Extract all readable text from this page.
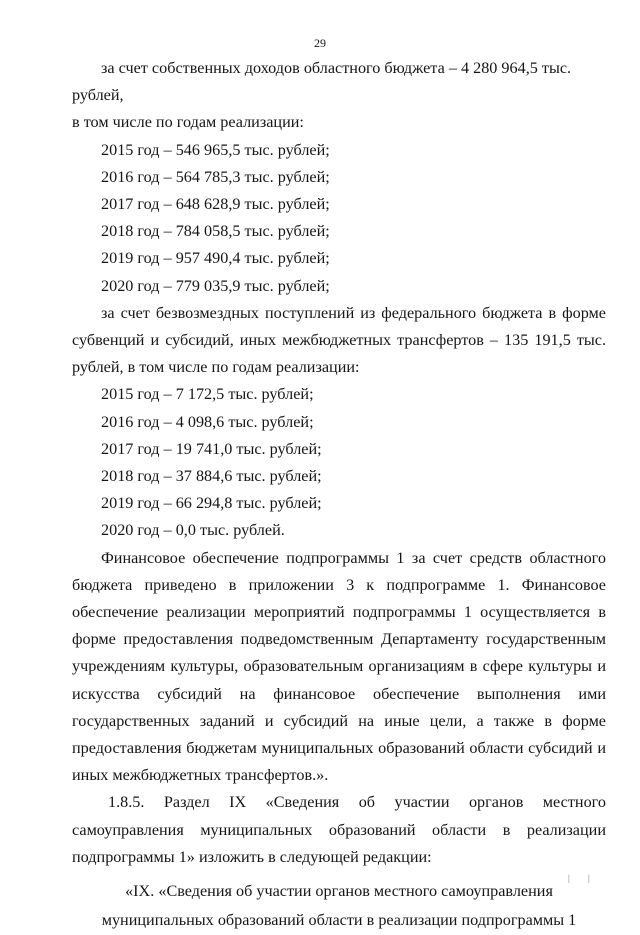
29

за счет собственных доходов областного бюджета – 4 280 964,5 тыс. рублей,

в том числе по годам реализации:

2015 год – 546 965,5 тыс. рублей;

2016 год – 564 785,3 тыс. рублей;

2017 год – 648 628,9 тыс. рублей;

2018 год – 784 058,5 тыс. рублей;

2019 год – 957 490,4 тыс. рублей;

2020 год – 779 035,9 тыс. рублей;

за счет безвозмездных поступлений из федерального бюджета в форме субвенций и субсидий, иных межбюджетных трансфертов – 135 191,5 тыс. рублей, в том числе по годам реализации:

2015 год – 7 172,5 тыс. рублей;

2016 год – 4 098,6 тыс. рублей;

2017 год – 19 741,0 тыс. рублей;

2018 год – 37 884,6 тыс. рублей;

2019 год – 66 294,8 тыс. рублей;

2020 год – 0,0 тыс. рублей.

Финансовое обеспечение подпрограммы 1 за счет средств областного бюджета приведено в приложении 3 к подпрограмме 1. Финансовое обеспечение реализации мероприятий подпрограммы 1 осуществляется в форме предоставления подведомственным Департаменту государственным учреждениям культуры, образовательным организациям в сфере культуры и искусства субсидий на финансовое обеспечение выполнения ими государственных заданий и субсидий на иные цели, а также в форме предоставления бюджетам муниципальных образований области субсидий и иных межбюджетных трансфертов.».

1.8.5. Раздел IX «Сведения об участии органов местного самоуправления муниципальных образований области в реализации подпрограммы 1» изложить в следующей редакции:

«IX. «Сведения об участии органов местного самоуправления

муниципальных образований области в реализации подпрограммы 1

| |
